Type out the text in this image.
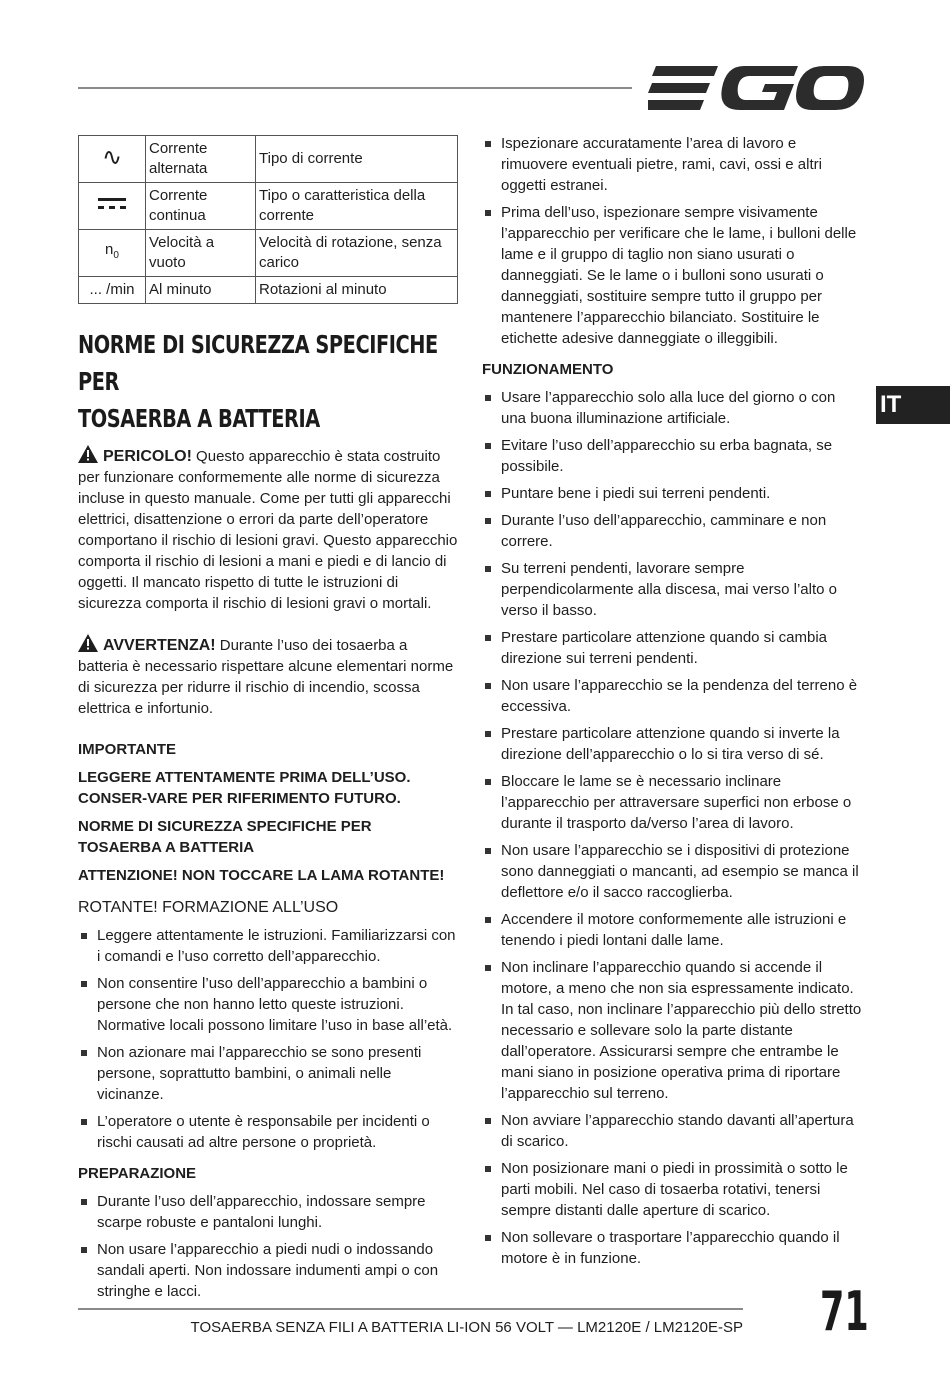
IT
∿	Corrente alternata	Tipo di corrente
	Corrente continua	Tipo o caratteristica della corrente
$n_0$	Velocità a vuoto	Velocità di rotazione, senza carico
... /min	Al minuto	Rotazioni al minuto
NORME DI SICUREZZA SPECIFICHE PER
TOSAERBA A BATTERIA

PERICOLO! Questo apparecchio è stata costruito per funzionare conformemente alle norme di sicurezza incluse in questo manuale. Come per tutti gli apparecchi elettrici, disattenzione o errori da parte dell’operatore comportano il rischio di lesioni gravi. Questo apparecchio comporta il rischio di lesioni a mani e piedi e di lancio di oggetti. Il mancato rispetto di tutte le istruzioni di sicurezza comporta il rischio di lesioni gravi o mortali.

AVVERTENZA! Durante l’uso dei tosaerba a batteria è necessario rispettare alcune elementari norme di sicurezza per ridurre il rischio di incendio, scossa elettrica e infortunio.

IMPORTANTE
LEGGERE ATTENTAMENTE PRIMA DELL’USO. CONSER-VARE PER RIFERIMENTO FUTURO.
NORME DI SICUREZZA SPECIFICHE PER TOSAERBA A BATTERIA
ATTENZIONE! NON TOCCARE LA LAMA ROTANTE!
ROTANTE! FORMAZIONE ALL’USO
Leggere attentamente le istruzioni. Familiarizzarsi con i comandi e l’uso corretto dell’apparecchio.
Non consentire l’uso dell’apparecchio a bambini o persone che non hanno letto queste istruzioni. Normative locali possono limitare l’uso in base all’età.
Non azionare mai l’apparecchio se sono presenti persone, soprattutto bambini, o animali nelle vicinanze.
L’operatore o utente è responsabile per incidenti o rischi causati ad altre persone o proprietà.
PREPARAZIONE
Durante l’uso dell’apparecchio, indossare sempre scarpe robuste e pantaloni lunghi.
Non usare l’apparecchio a piedi nudi o indossando sandali aperti. Non indossare indumenti ampi o con stringhe e lacci.
Ispezionare accuratamente l’area di lavoro e rimuovere eventuali pietre, rami, cavi, ossi e altri oggetti estranei.
Prima dell’uso, ispezionare sempre visivamente l’apparecchio per verificare che le lame, i bulloni delle lame e il gruppo di taglio non siano usurati o danneggiati. Se le lame o i bulloni sono usurati o danneggiati, sostituire sempre tutto il gruppo per mantenere l’apparecchio bilanciato. Sostituire le etichette adesive danneggiate o illeggibili.
FUNZIONAMENTO
Usare l’apparecchio solo alla luce del giorno o con una buona illuminazione artificiale.
Evitare l’uso dell’apparecchio su erba bagnata, se possibile.
Puntare bene i piedi sui terreni pendenti.
Durante l’uso dell’apparecchio, camminare e non correre.
Su terreni pendenti, lavorare sempre perpendicolarmente alla discesa, mai verso l’alto o verso il basso.
Prestare particolare attenzione quando si cambia direzione sui terreni pendenti.
Non usare l’apparecchio se la pendenza del terreno è eccessiva.
Prestare particolare attenzione quando si inverte la direzione dell’apparecchio o lo si tira verso di sé.
Bloccare le lame se è necessario inclinare l’apparecchio per attraversare superfici non erbose o durante il trasporto da/verso l’area di lavoro.
Non usare l’apparecchio se i dispositivi di protezione sono danneggiati o mancanti, ad esempio se manca il deflettore e/o il sacco raccoglierba.
Accendere il motore conformemente alle istruzioni e tenendo i piedi lontani dalle lame.
Non inclinare l’apparecchio quando si accende il motore, a meno che non sia espressamente indicato. In tal caso, non inclinare l’apparecchio più dello stretto necessario e sollevare solo la parte distante dall’operatore. Assicurarsi sempre che entrambe le mani siano in posizione operativa prima di riportare l’apparecchio sul terreno.
Non avviare l’apparecchio stando davanti all’apertura di scarico.
Non posizionare mani o piedi in prossimità o sotto le parti mobili. Nel caso di tosaerba rotativi, tenersi sempre distanti dalle aperture di scarico.
Non sollevare o trasportare l’apparecchio quando il motore è in funzione.
TOSAERBA SENZA FILI A BATTERIA LI-ION 56 VOLT — LM2120E / LM2120E-SP 71
